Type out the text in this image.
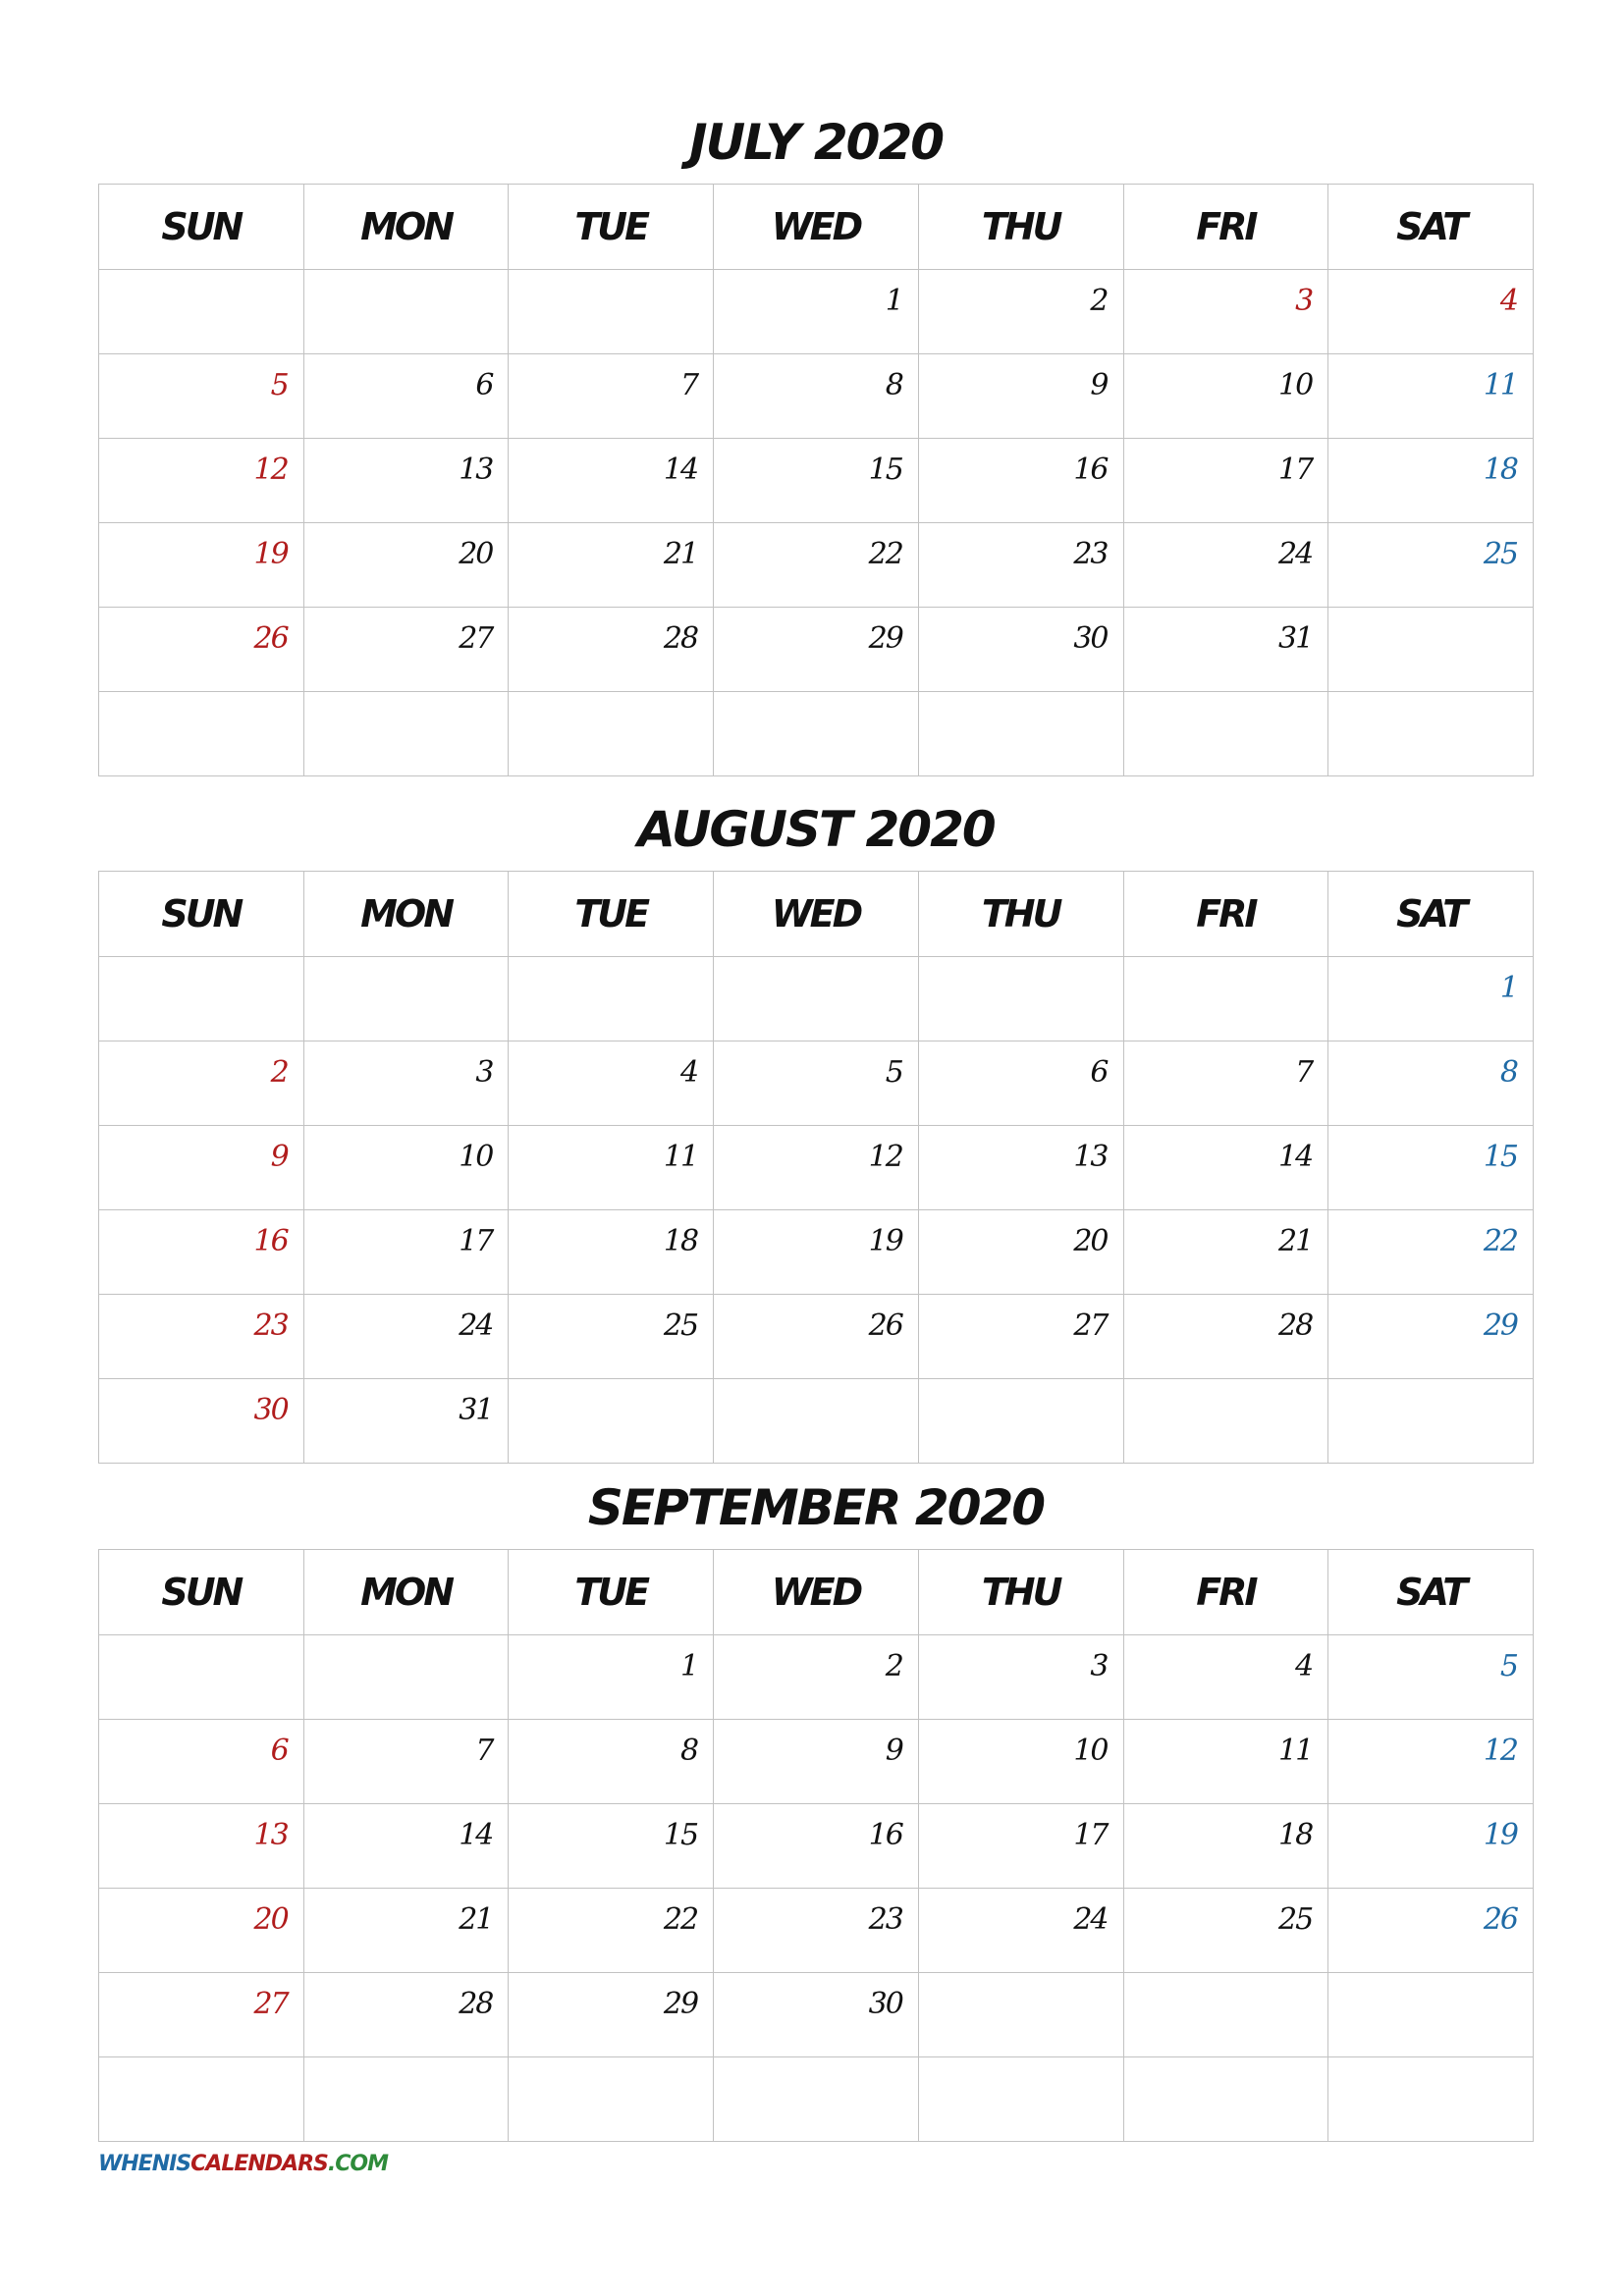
JULY 2020
SUN	MON	TUE	WED	THU	FRI	SAT
			1	2	3	4
5	6	7	8	9	10	11
12	13	14	15	16	17	18
19	20	21	22	23	24	25
26	27	28	29	30	31	

AUGUST 2020
SUN	MON	TUE	WED	THU	FRI	SAT
						1
2	3	4	5	6	7	8
9	10	11	12	13	14	15
16	17	18	19	20	21	22
23	24	25	26	27	28	29
30	31					
SEPTEMBER 2020
SUN	MON	TUE	WED	THU	FRI	SAT
		1	2	3	4	5
6	7	8	9	10	11	12
13	14	15	16	17	18	19
20	21	22	23	24	25	26
27	28	29	30			

WHENISCALENDARS.COM
